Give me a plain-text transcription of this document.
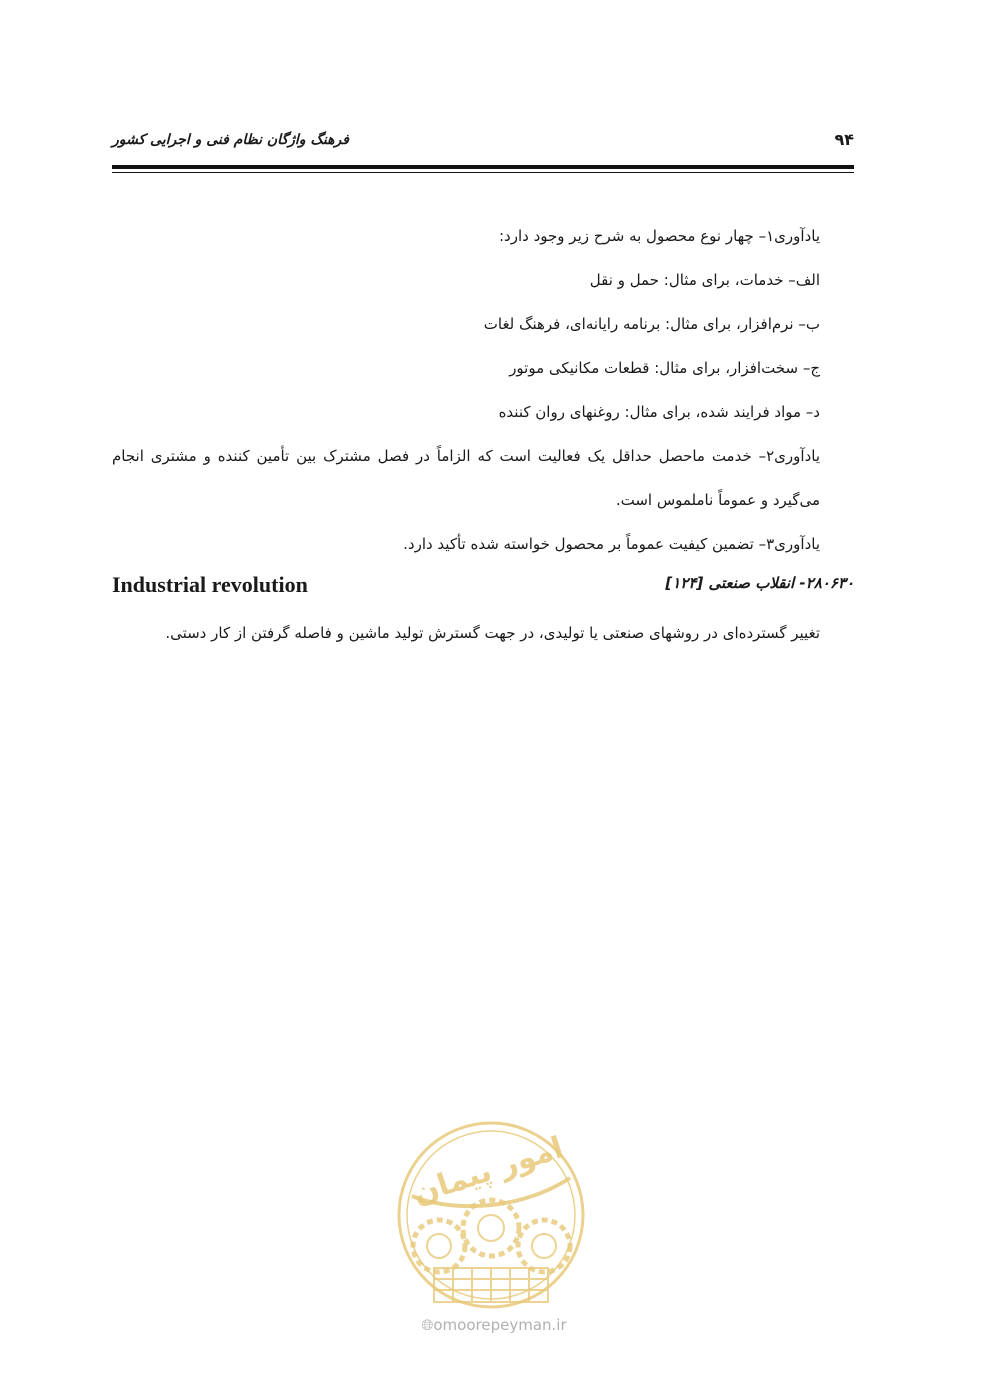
فرهنگ واژگان نظام فنی و اجرایی کشور	۹۴

یادآوری۱– چهار نوع محصول به شرح زیر وجود دارد:

الف– خدمات، برای مثال: حمل و نقل

ب– نرم‌افزار، برای مثال: برنامه رایانه‌ای، فرهنگ لغات

ج– سخت‌افزار، برای مثال: قطعات مکانیکی موتور

د– مواد فرایند شده، برای مثال: روغنهای روان کننده

یادآوری۲– خدمت ماحصل حداقل یک فعالیت است که الزاماً در فصل مشترک بین تأمین کننده و مشتری انجام می‌گیرد و عموماً ناملموس است.

یادآوری۳– تضمین کیفیت عموماً بر محصول خواسته شده تأکید دارد.

۲۸۰۶۳۰- انقلاب صنعتی [۱۲۴]
Industrial revolution

تغییر گسترده‌ای در روشهای صنعتی یا تولیدی، در جهت گسترش تولید ماشین و فاصله گرفتن از کار دستی.

امور پیمان
🌐︎omoorepeyman.ir
